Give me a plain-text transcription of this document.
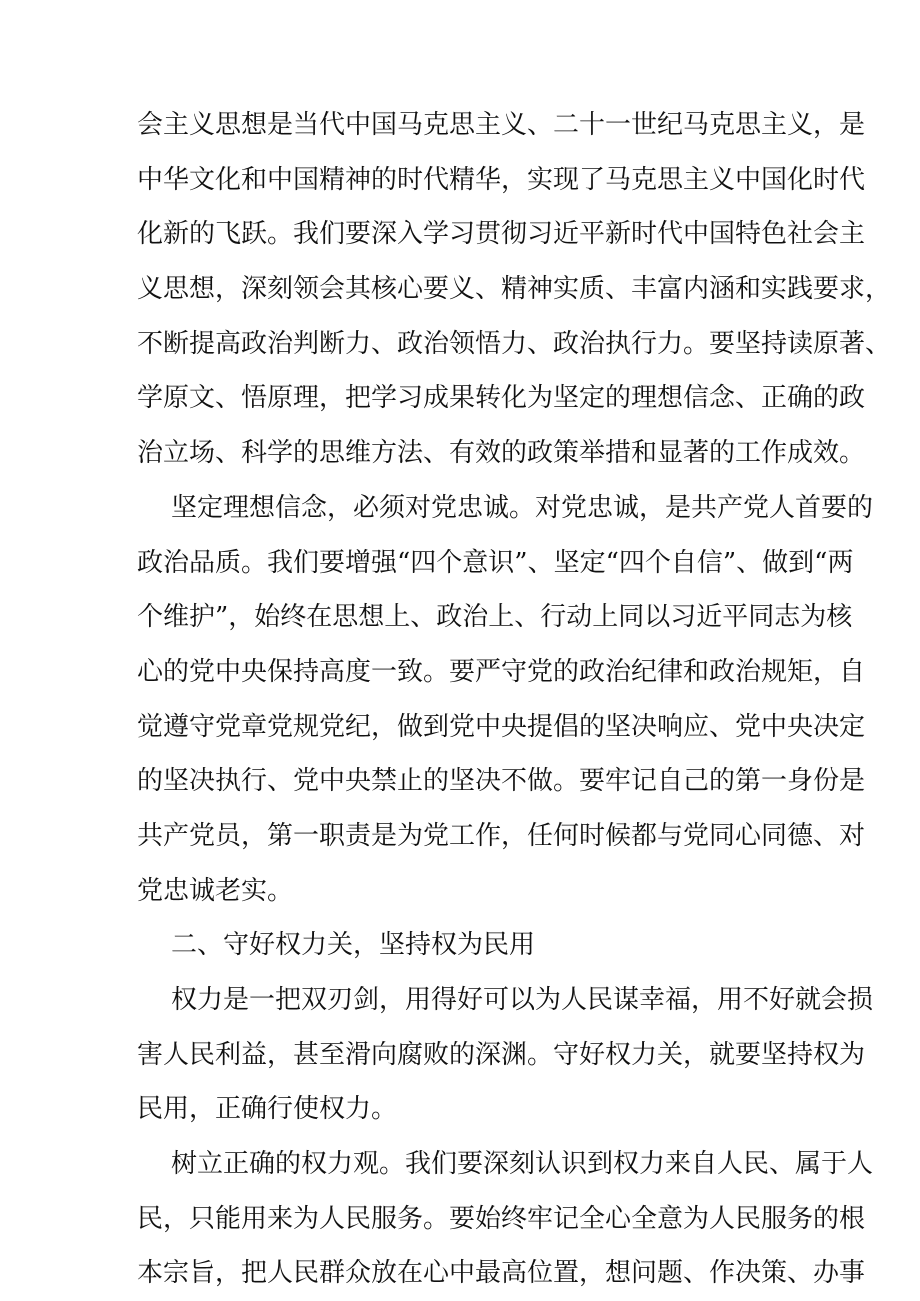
会主义思想是当代中国马克思主义、二十一世纪马克思主义，是
中华文化和中国精神的时代精华，实现了马克思主义中国化时代
化新的飞跃。我们要深入学习贯彻习近平新时代中国特色社会主
义思想，深刻领会其核心要义、精神实质、丰富内涵和实践要求，
不断提高政治判断力、政治领悟力、政治执行力。要坚持读原著、
学原文、悟原理，把学习成果转化为坚定的理想信念、正确的政
治立场、科学的思维方法、有效的政策举措和显著的工作成效。
坚定理想信念，必须对党忠诚。对党忠诚，是共产党人首要的
政治品质。我们要增强“四个意识”、坚定“四个自信”、做到“两
个维护”，始终在思想上、政治上、行动上同以习近平同志为核
心的党中央保持高度一致。要严守党的政治纪律和政治规矩，自
觉遵守党章党规党纪，做到党中央提倡的坚决响应、党中央决定
的坚决执行、党中央禁止的坚决不做。要牢记自己的第一身份是
共产党员，第一职责是为党工作，任何时候都与党同心同德、对
党忠诚老实。
二、守好权力关，坚持权为民用
权力是一把双刃剑，用得好可以为人民谋幸福，用不好就会损
害人民利益，甚至滑向腐败的深渊。守好权力关，就要坚持权为
民用，正确行使权力。
树立正确的权力观。我们要深刻认识到权力来自人民、属于人
民，只能用来为人民服务。要始终牢记全心全意为人民服务的根
本宗旨，把人民群众放在心中最高位置，想问题、作决策、办事
